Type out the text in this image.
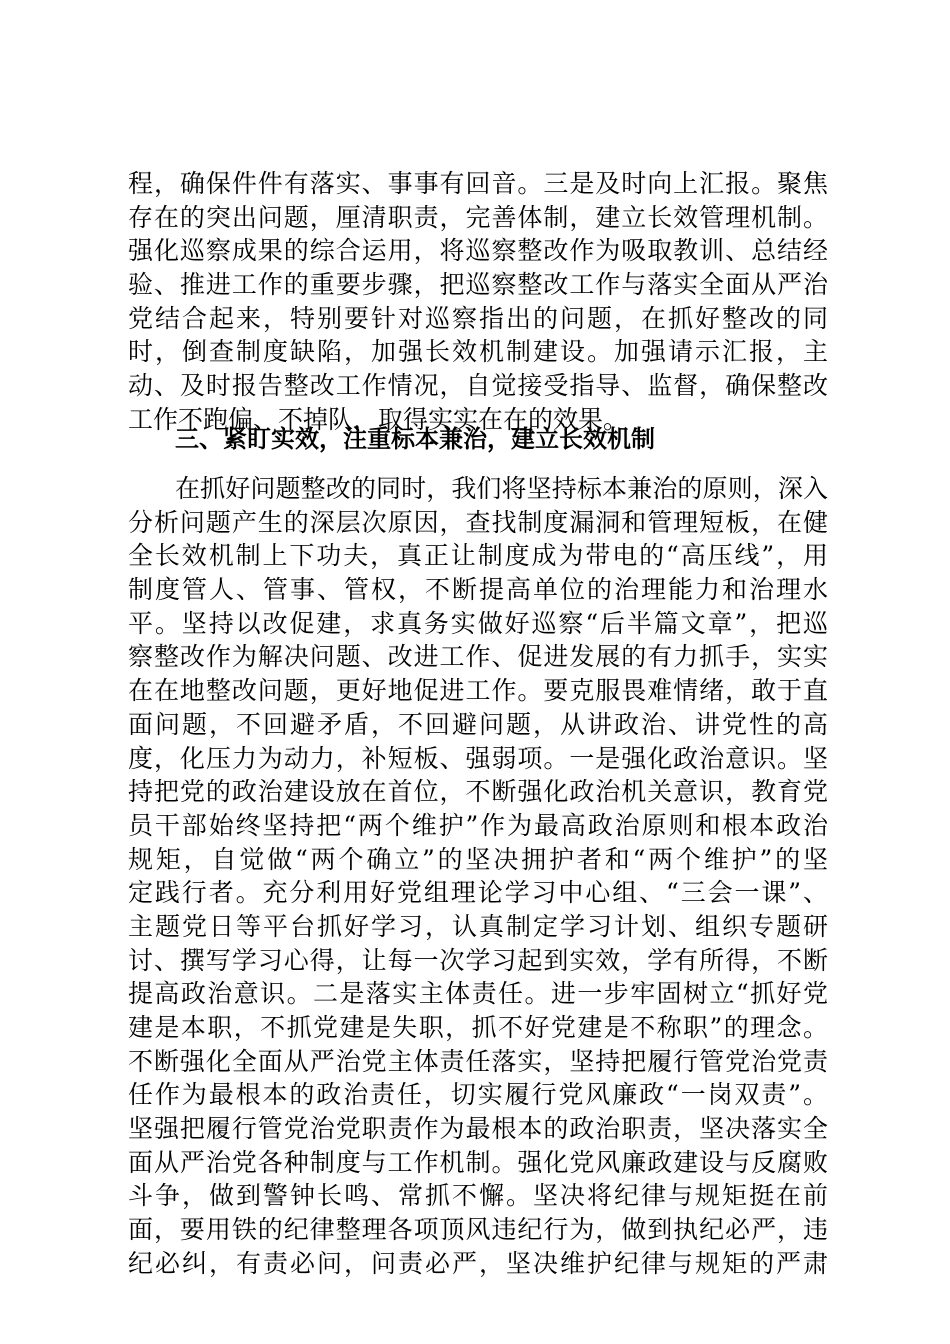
程，确保件件有落实、事事有回音。三是及时向上汇报。聚焦
存在的突出问题，厘清职责，完善体制，建立长效管理机制。
强化巡察成果的综合运用，将巡察整改作为吸取教训、总结经
验、推进工作的重要步骤，把巡察整改工作与落实全面从严治
党结合起来，特别要针对巡察指出的问题，在抓好整改的同
时，倒查制度缺陷，加强长效机制建设。加强请示汇报，主
动、及时报告整改工作情况，自觉接受指导、监督，确保整改
工作不跑偏、不掉队，取得实实在在的效果。
三、紧盯实效，注重标本兼治，建立长效机制
在抓好问题整改的同时，我们将坚持标本兼治的原则，深入
分析问题产生的深层次原因，查找制度漏洞和管理短板，在健
全长效机制上下功夫，真正让制度成为带电的“高压线”，用
制度管人、管事、管权，不断提高单位的治理能力和治理水
平。坚持以改促建，求真务实做好巡察“后半篇文章”，把巡
察整改作为解决问题、改进工作、促进发展的有力抓手，实实
在在地整改问题，更好地促进工作。要克服畏难情绪，敢于直
面问题，不回避矛盾，不回避问题，从讲政治、讲党性的高
度，化压力为动力，补短板、强弱项。一是强化政治意识。坚
持把党的政治建设放在首位，不断强化政治机关意识，教育党
员干部始终坚持把“两个维护”作为最高政治原则和根本政治
规矩，自觉做“两个确立”的坚决拥护者和“两个维护”的坚
定践行者。充分利用好党组理论学习中心组、“三会一课”、
主题党日等平台抓好学习，认真制定学习计划、组织专题研
讨、撰写学习心得，让每一次学习起到实效，学有所得，不断
提高政治意识。二是落实主体责任。进一步牢固树立“抓好党
建是本职，不抓党建是失职，抓不好党建是不称职”的理念。
不断强化全面从严治党主体责任落实，坚持把履行管党治党责
任作为最根本的政治责任，切实履行党风廉政“一岗双责”。
坚强把履行管党治党职责作为最根本的政治职责，坚决落实全
面从严治党各种制度与工作机制。强化党风廉政建设与反腐败
斗争，做到警钟长鸣、常抓不懈。坚决将纪律与规矩挺在前
面，要用铁的纪律整理各项顶风违纪行为，做到执纪必严，违
纪必纠，有责必问，问责必严，坚决维护纪律与规矩的严肃
